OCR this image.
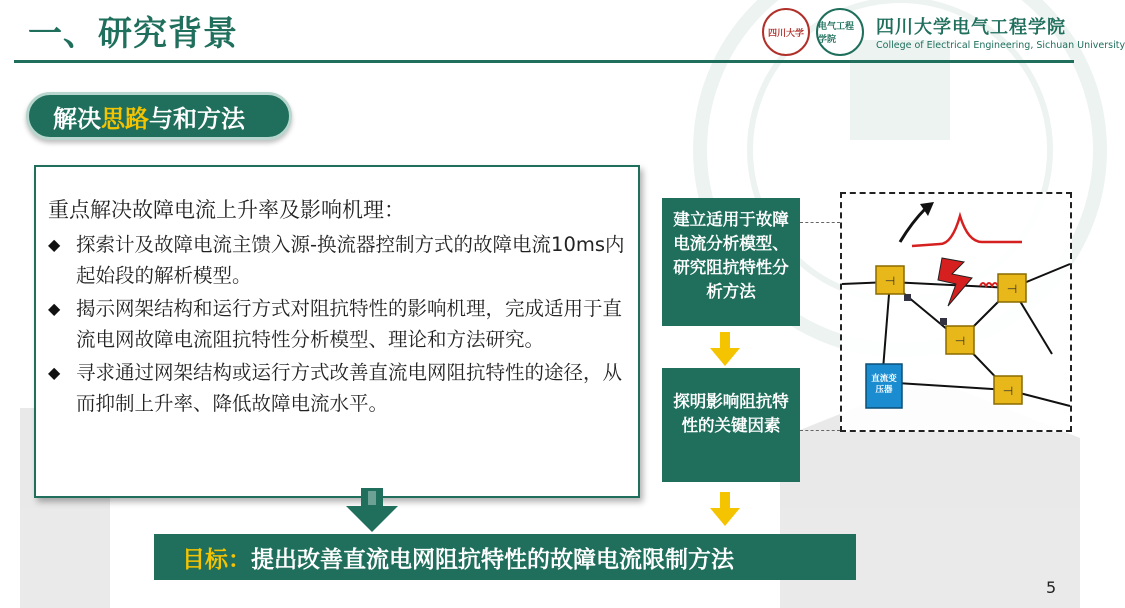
一、研究背景	四川大学
电气工程学院
四川大学电气工程学院
College of Electrical Engineering, Sichuan University
解决 思路 与和方法
重点解决故障电流上升率及影响机理：
◆ 探索计及故障电流主馈入源-换流器控制方式的故障电流10ms内起始段的解析模型。
◆ 揭示网架结构和运行方式对阻抗特性的影响机理，完成适用于直流电网故障电流阻抗特性分析模型、理论和方法研究。
◆ 寻求通过网架结构或运行方式改善直流电网阻抗特性的途径，从而抑制上升率、降低故障电流水平。
目标： 提出改善直流电网阻抗特性的故障电流限制方法
建立适用于故障电流分析模型、研究阻抗特性分析方法
探明影响阻抗特性的关键因素
⊣
⊣
⊣
⊣
直流变压器
5
